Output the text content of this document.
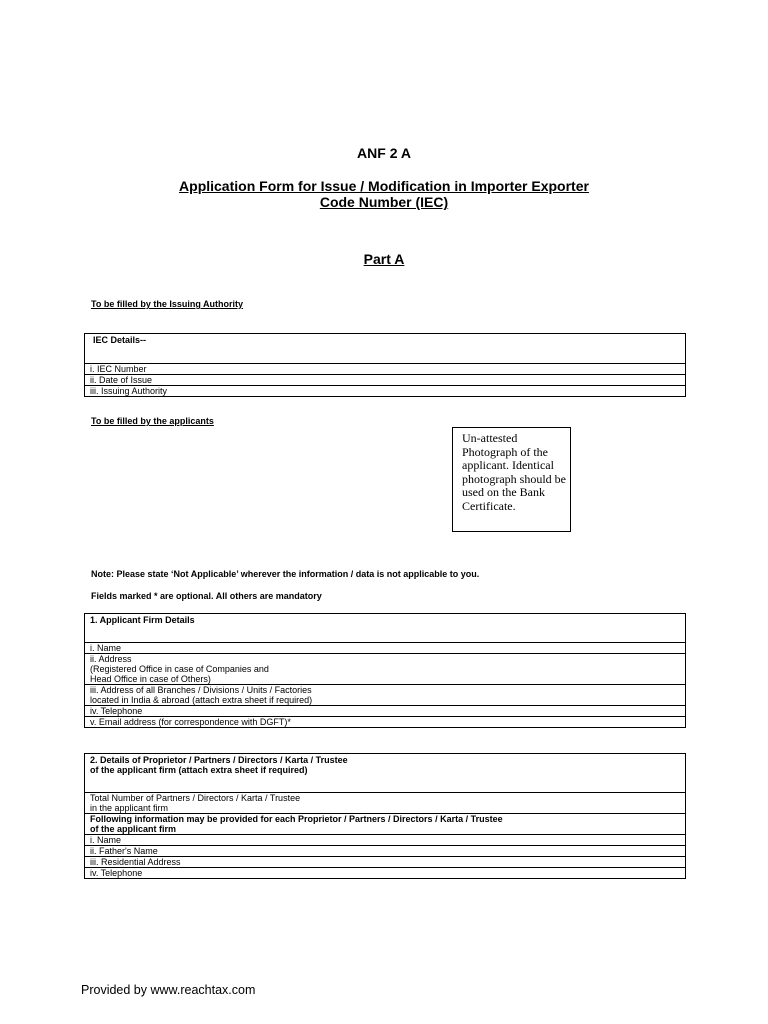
ANF 2 A
Application Form for Issue / Modification in Importer Exporter
Code Number (IEC)
Part A
To be filled by the Issuing Authority
IEC Details--
i. IEC Number
ii. Date of Issue
iii. Issuing Authority
To be filled by the applicants
Un-attested Photograph of the applicant. Identical photograph should be used on the Bank Certificate.
Note: Please state ‘Not Applicable’ wherever the information / data is not applicable to you.
Fields marked * are optional. All others are mandatory
1. Applicant Firm Details
i. Name
ii. Address
(Registered Office in case of Companies and
Head Office in case of Others)
iii. Address of all Branches / Divisions / Units / Factories
located in India & abroad (attach extra sheet if required)
iv. Telephone
v. Email address (for correspondence with DGFT)*
2. Details of Proprietor / Partners / Directors / Karta / Trustee
of the applicant firm (attach extra sheet if required)
Total Number of Partners / Directors / Karta / Trustee
in the applicant firm
Following information may be provided for each Proprietor / Partners / Directors / Karta / Trustee
of the applicant firm
i. Name
ii. Father's Name
iii. Residential Address
iv. Telephone
Provided by www.reachtax.com
